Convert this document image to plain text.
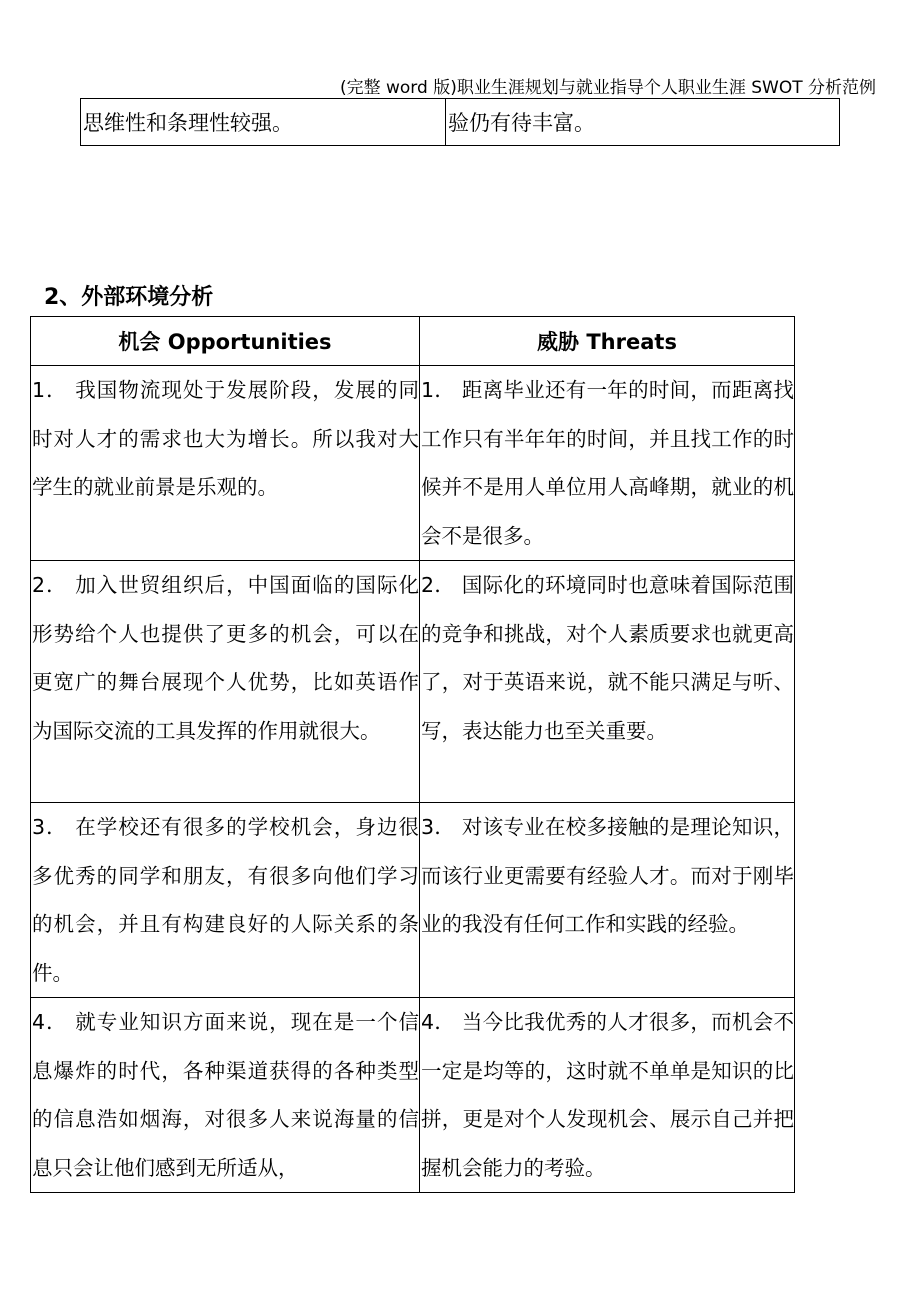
(完整 word 版)职业生涯规划与就业指导个人职业生涯 SWOT 分析范例
思维性和条理性较强。	验仍有待丰富。
2、外部环境分析
机会 Opportunities	威胁 Threats

1． 我国物流现处于发展阶段，发展的同时对人才的需求也大为增长。所以我对大学生的就业前景是乐观的。	1． 距离毕业还有一年的时间，而距离找工作只有半年年的时间，并且找工作的时候并不是用人单位用人高峰期，就业的机会不是很多。

2． 加入世贸组织后，中国面临的国际化形势给个人也提供了更多的机会，可以在更宽广的舞台展现个人优势，比如英语作为国际交流的工具发挥的作用就很大。	2． 国际化的环境同时也意味着国际范围的竞争和挑战，对个人素质要求也就更高了，对于英语来说，就不能只满足与听、写，表达能力也至关重要。

3． 在学校还有很多的学校机会，身边很多优秀的同学和朋友，有很多向他们学习的机会，并且有构建良好的人际关系的条件。	3． 对该专业在校多接触的是理论知识，而该行业更需要有经验人才。而对于刚毕业的我没有任何工作和实践的经验。

4． 就专业知识方面来说，现在是一个信息爆炸的时代，各种渠道获得的各种类型的信息浩如烟海，对很多人来说海量的信息只会让他们感到无所适从，	4． 当今比我优秀的人才很多，而机会不一定是均等的，这时就不单单是知识的比拼，更是对个人发现机会、展示自己并把握机会能力的考验。
